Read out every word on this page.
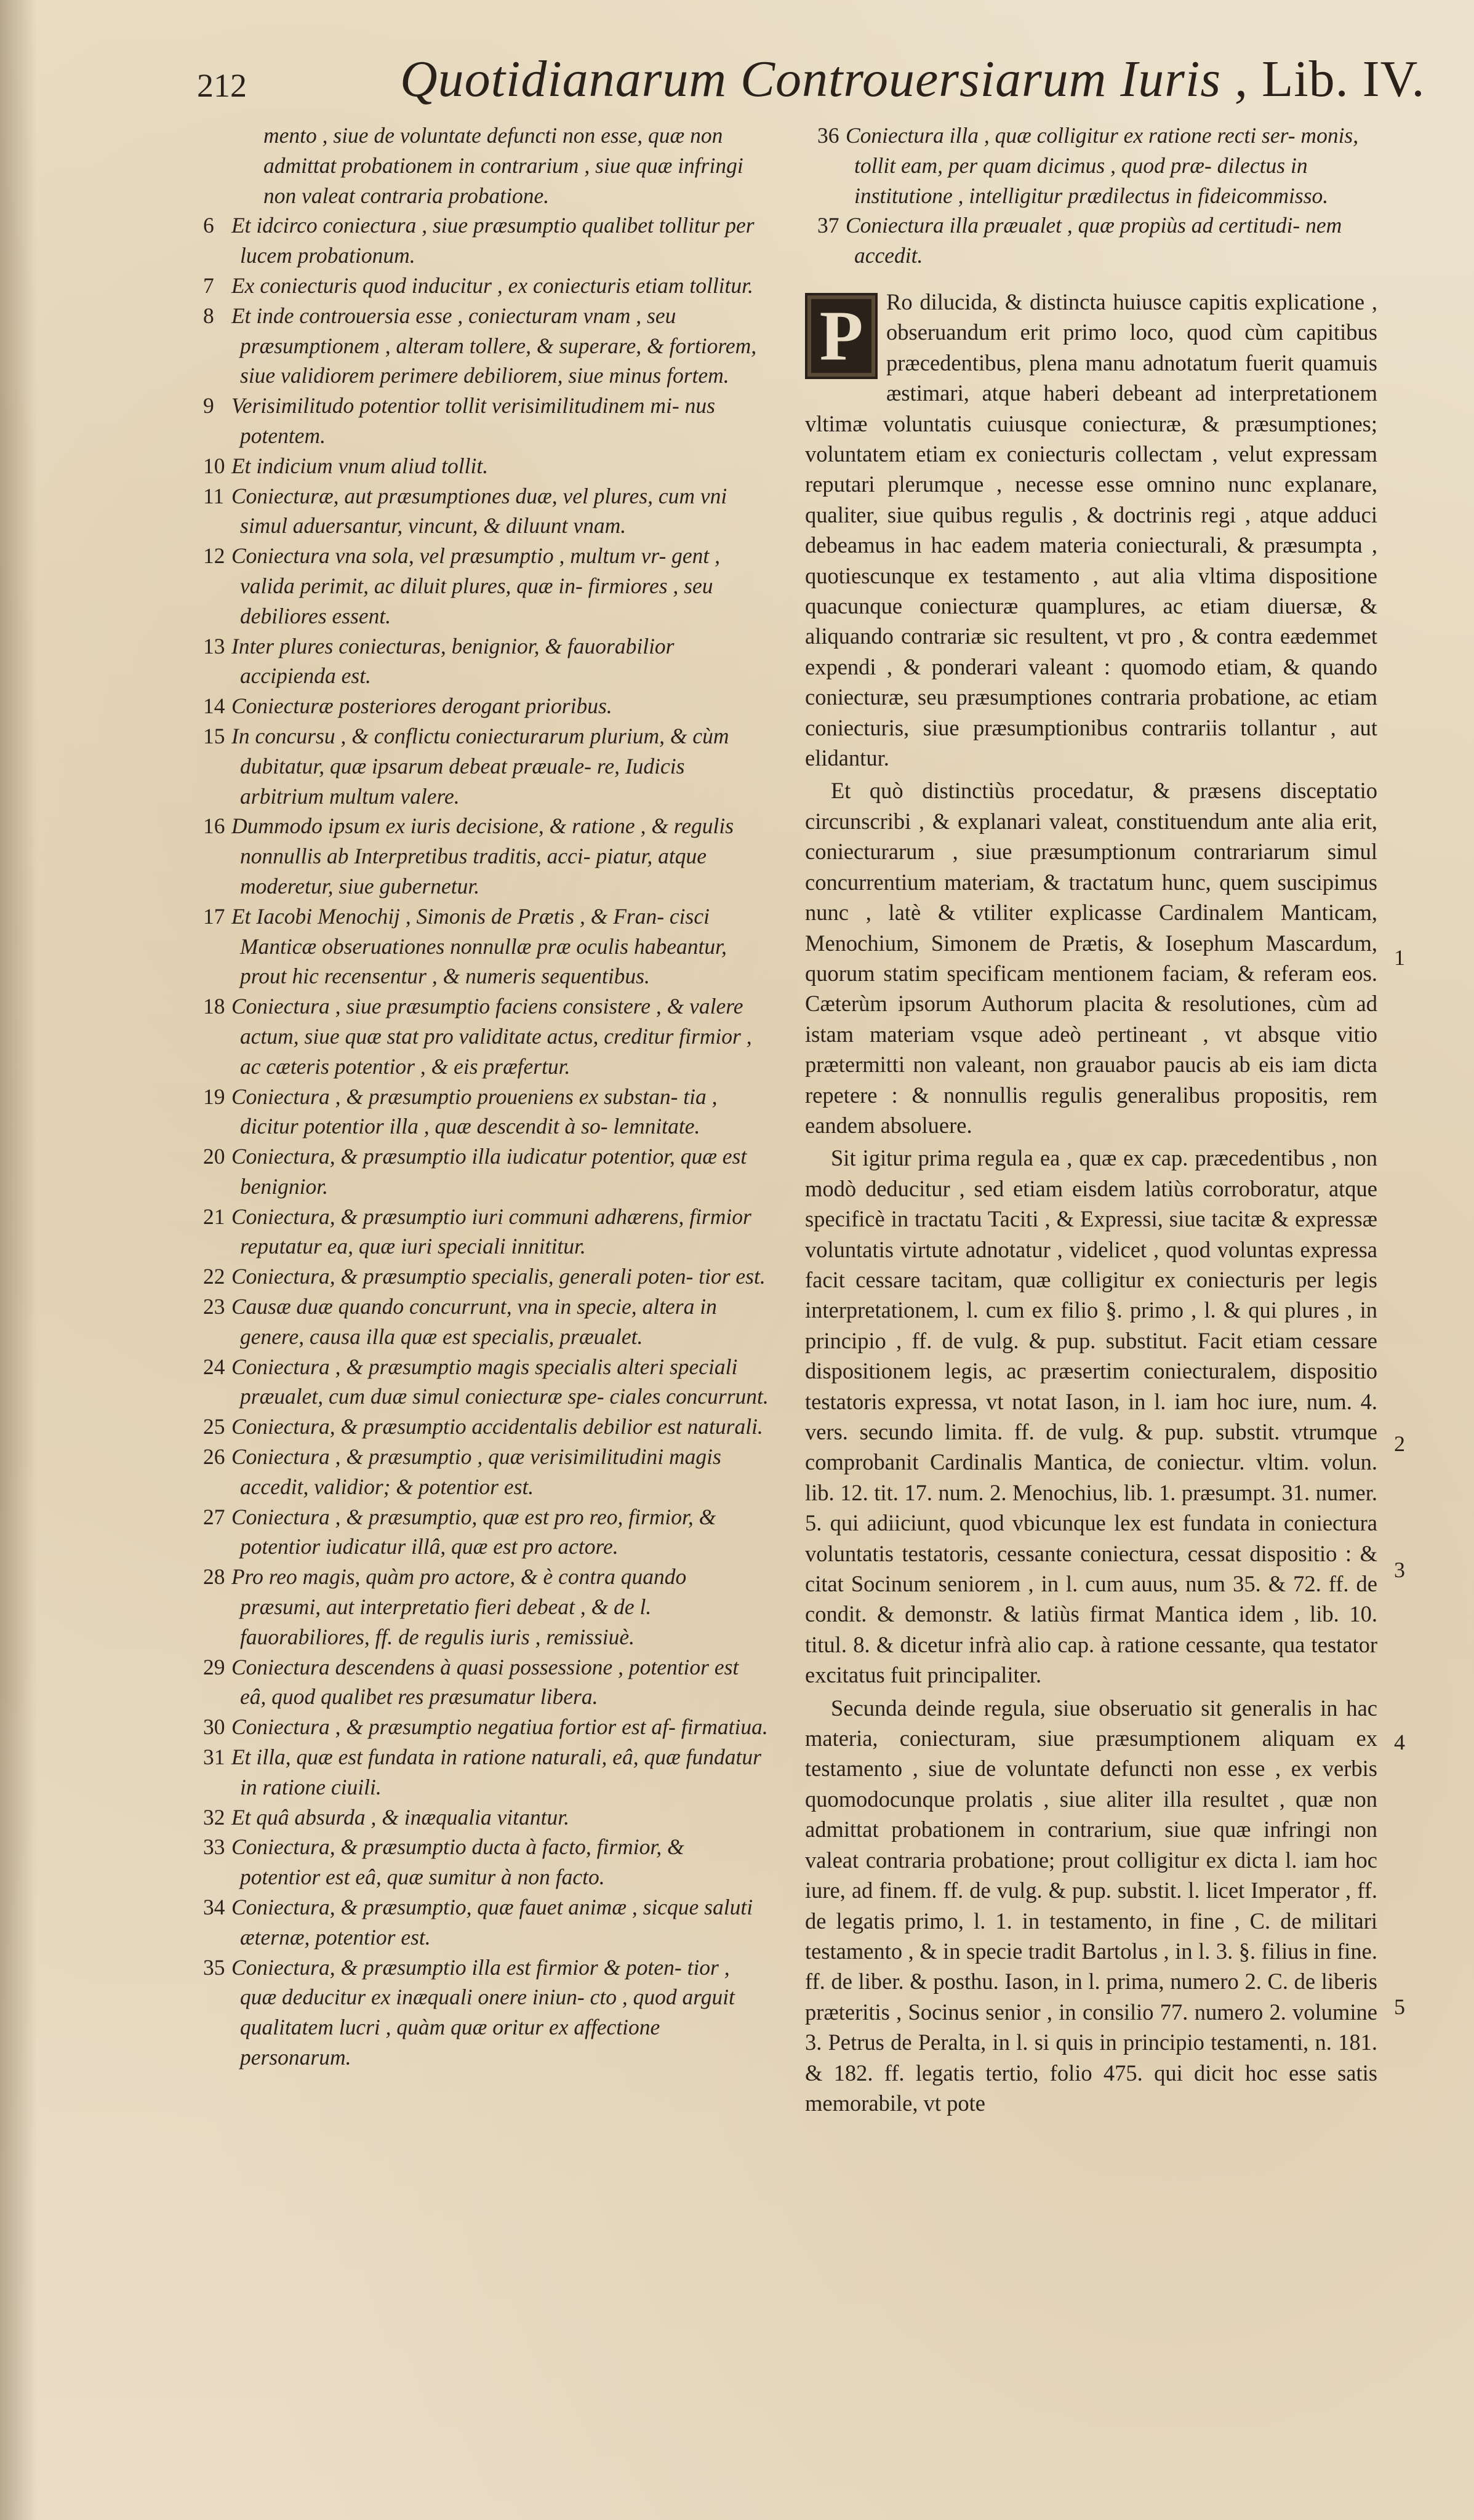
212	Quotidianarum Controuersiarum Iuris , Lib. IV.
mento , siue de voluntate defuncti non esse, quæ non admittat probationem in contrarium , siue quæ infringi non valeat contraria probatione.
6 Et idcirco coniectura , siue præsumptio qualibet tollitur per lucem probationum.
7 Ex coniecturis quod inducitur , ex coniecturis etiam tollitur.
8 Et inde controuersia esse , coniecturam vnam , seu præsumptionem , alteram tollere, & superare, & fortiorem, siue validiorem perimere debiliorem, siue minus fortem.
9 Verisimilitudo potentior tollit verisimilitudinem mi- nus potentem.
10 Et indicium vnum aliud tollit.
11 Coniecturæ, aut præsumptiones duæ, vel plures, cum vni simul aduersantur, vincunt, & diluunt vnam.
12 Coniectura vna sola, vel præsumptio , multum vr- gent , valida perimit, ac diluit plures, quæ in- firmiores , seu debiliores essent.
13 Inter plures coniecturas, benignior, & fauorabilior accipienda est.
14 Coniecturæ posteriores derogant prioribus.
15 In concursu , & conflictu coniecturarum plurium, & cùm dubitatur, quæ ipsarum debeat præuale- re, Iudicis arbitrium multum valere.
16 Dummodo ipsum ex iuris decisione, & ratione , & regulis nonnullis ab Interpretibus traditis, acci- piatur, atque moderetur, siue gubernetur.
17 Et Iacobi Menochij , Simonis de Prætis , & Fran- cisci Manticæ obseruationes nonnullæ præ oculis habeantur, prout hic recensentur , & numeris sequentibus.
18 Coniectura , siue præsumptio faciens consistere , & valere actum, siue quæ stat pro validitate actus, creditur firmior , ac cæteris potentior , & eis præfertur.
19 Coniectura , & præsumptio proueniens ex substan- tia , dicitur potentior illa , quæ descendit à so- lemnitate.
20 Coniectura, & præsumptio illa iudicatur potentior, quæ est benignior.
21 Coniectura, & præsumptio iuri communi adhærens, firmior reputatur ea, quæ iuri speciali innititur.
22 Coniectura, & præsumptio specialis, generali poten- tior est.
23 Causæ duæ quando concurrunt, vna in specie, altera in genere, causa illa quæ est specialis, præualet.
24 Coniectura , & præsumptio magis specialis alteri speciali præualet, cum duæ simul coniecturæ spe- ciales concurrunt.
25 Coniectura, & præsumptio accidentalis debilior est naturali.
26 Coniectura , & præsumptio , quæ verisimilitudini magis accedit, validior; & potentior est.
27 Coniectura , & præsumptio, quæ est pro reo, firmior, & potentior iudicatur illâ, quæ est pro actore.
28 Pro reo magis, quàm pro actore, & è contra quando præsumi, aut interpretatio fieri debeat , & de l. fauorabiliores, ff. de regulis iuris , remissiuè.
29 Coniectura descendens à quasi possessione , potentior est eâ, quod qualibet res præsumatur libera.
30 Coniectura , & præsumptio negatiua fortior est af- firmatiua.
31 Et illa, quæ est fundata in ratione naturali, eâ, quæ fundatur in ratione ciuili.
32 Et quâ absurda , & inæqualia vitantur.
33 Coniectura, & præsumptio ducta à facto, firmior, & potentior est eâ, quæ sumitur à non facto.
34 Coniectura, & præsumptio, quæ fauet animæ , sicque saluti æternæ, potentior est.
35 Coniectura, & præsumptio illa est firmior & poten- tior , quæ deducitur ex inæquali onere iniun- cto , quod arguit qualitatem lucri , quàm quæ oritur ex affectione personarum.
36 Coniectura illa , quæ colligitur ex ratione recti ser- monis, tollit eam, per quam dicimus , quod præ- dilectus in institutione , intelligitur prædilectus in fideicommisso.
37 Coniectura illa præualet , quæ propiùs ad certitudi- nem accedit.

P	Ro dilucida, & distincta huiusce capitis explicatione , obseruandum erit primo loco, quod cùm capitibus præcedentibus, plena manu adnotatum fuerit quamuis æstimari, atque haberi debeant ad interpretationem vltimæ voluntatis cuiusque coniecturæ, & præsumptiones; voluntatem etiam ex coniecturis collectam , velut expressam reputari plerumque , necesse esse omnino nunc explanare, qualiter, siue quibus regulis , & doctrinis regi , atque adduci debeamus in hac eadem materia coniecturali, & præsumpta , quotiescunque ex testamento , aut alia vltima dispositione quacunque coniecturæ quamplures, ac etiam diuersæ, & aliquando contrariæ sic resultent, vt pro , & contra eædemmet expendi , & ponderari valeant : quomodo etiam, & quando coniecturæ, seu præsumptiones contraria probatione, ac etiam coniecturis, siue præsumptionibus contrariis tollantur , aut elidantur.

Et quò distinctiùs procedatur, & præsens disceptatio circunscribi , & explanari valeat, constituendum ante alia erit, coniecturarum , siue præsumptionum contrariarum simul concurrentium materiam, & tractatum hunc, quem suscipimus nunc , latè & vtiliter explicasse Cardinalem Manticam, Menochium, Simonem de Prætis, & Iosephum Mascardum, quorum statim specificam mentionem faciam, & referam eos. Cæterùm ipsorum Authorum placita & resolutiones, cùm ad istam materiam vsque adeò pertineant , vt absque vitio prætermitti non valeant, non grauabor paucis ab eis iam dicta repetere : & nonnullis regulis generalibus propositis, rem eandem absoluere.

Sit igitur prima regula ea , quæ ex cap. præcedentibus , non modò deducitur , sed etiam eisdem latiùs corroboratur, atque specificè in tractatu Taciti , & Expressi, siue tacitæ & expressæ voluntatis virtute adnotatur , videlicet , quod voluntas expressa facit cessare tacitam, quæ colligitur ex coniecturis per legis interpretationem, l. cum ex filio §. primo , l. & qui plures , in principio , ff. de vulg. & pup. substitut. Facit etiam cessare dispositionem legis, ac præsertim coniecturalem, dispositio testatoris expressa, vt notat Iason, in l. iam hoc iure, num. 4. vers. secundo limita. ff. de vulg. & pup. substit. vtrumque comprobanit Cardinalis Mantica, de coniectur. vltim. volun. lib. 12. tit. 17. num. 2. Menochius, lib. 1. præsumpt. 31. numer. 5. qui adiiciunt, quod vbicunque lex est fundata in coniectura voluntatis testatoris, cessante coniectura, cessat dispositio : & citat Socinum seniorem , in l. cum auus, num 35. & 72. ff. de condit. & demonstr. & latiùs firmat Mantica idem , lib. 10. titul. 8. & dicetur infrà alio cap. à ratione cessante, qua testator excitatus fuit principaliter.

Secunda deinde regula, siue obseruatio sit generalis in hac materia, coniecturam, siue præsumptionem aliquam ex testamento , siue de voluntate defuncti non esse , ex verbis quomodocunque prolatis , siue aliter illa resultet , quæ non admittat probationem in contrarium, siue quæ infringi non valeat contraria probatione; prout colligitur ex dicta l. iam hoc iure, ad finem. ff. de vulg. & pup. substit. l. licet Imperator , ff. de legatis primo, l. 1. in testamento, in fine , C. de militari testamento , & in specie tradit Bartolus , in l. 3. §. filius in fine. ff. de liber. & posthu. Iason, in l. prima, numero 2. C. de liberis præteritis , Socinus senior , in consilio 77. numero 2. volumine 3. Petrus de Peralta, in l. si quis in principio testamenti, n. 181. & 182. ff. legatis tertio, folio 475. qui dicit hoc esse satis memorabile, vt pote

1
2
3
4
5
